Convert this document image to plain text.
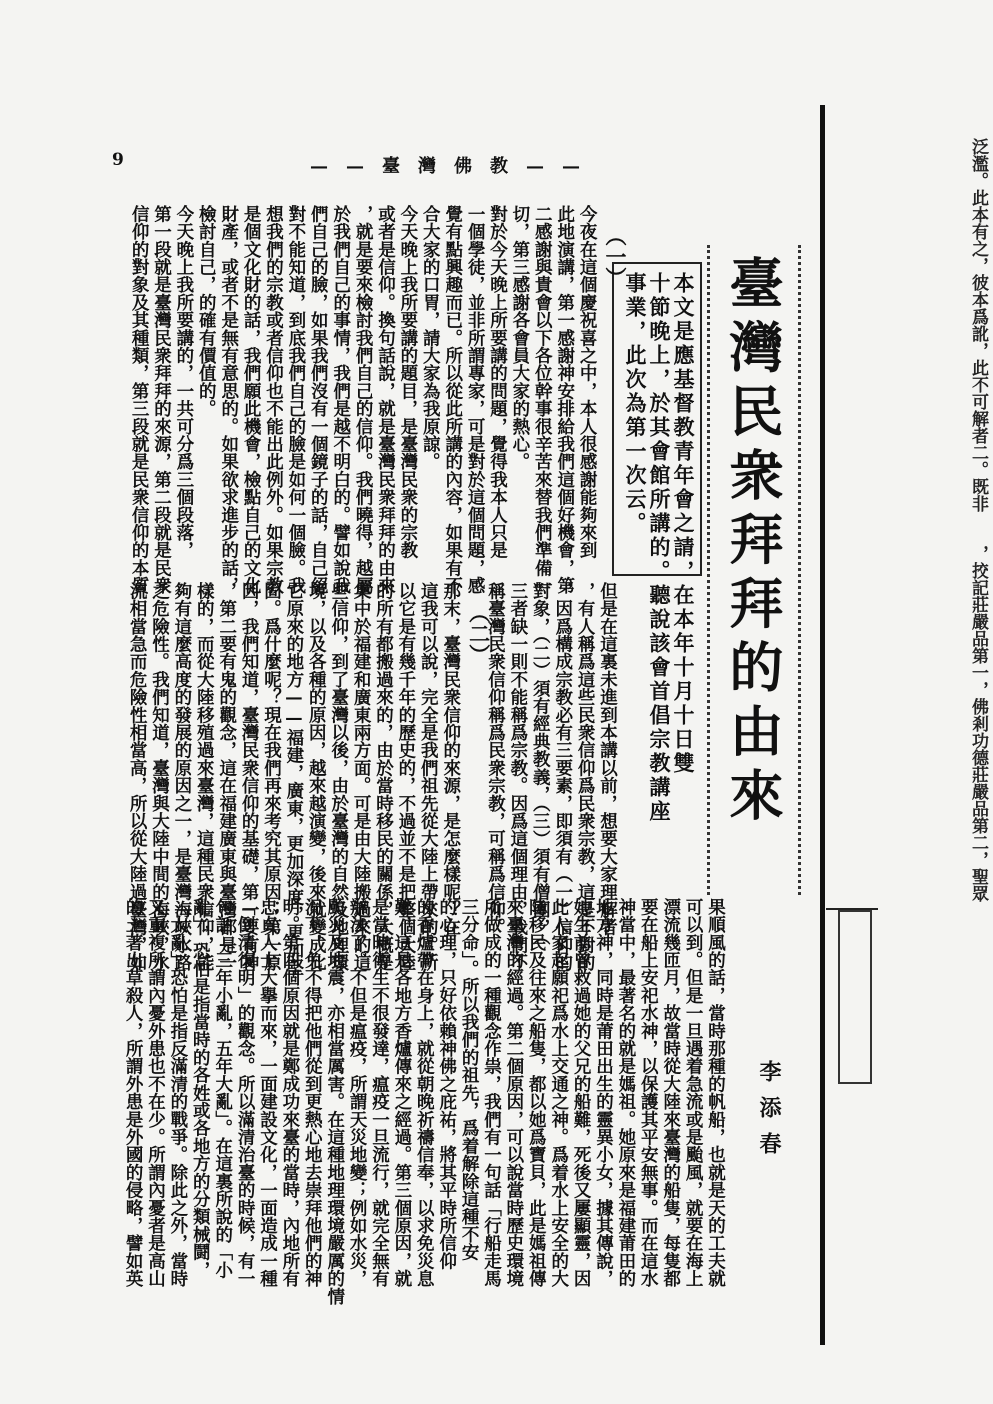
泛濫。此本有之，彼本爲訛，此不可解者二。既非
，挍記莊嚴品第一，佛剎功德莊嚴品第二，聖眾
9	——臺灣佛教——
臺灣民衆拜拜的由來
本文是應基督教青年會之請，在本年十月十日雙
十節晚上，於其會館所講的。聽說該會首倡宗教講座
事業，此次為第一次云。
李添春
（一）
今夜在這個慶祝喜之中，本人很感謝能夠來到
此地演講，第一感謝神安排給我們這個好機會，第
二感謝與貴會以下各位幹事很辛苦來替我們準備一
切，第三感謝各會員大家的熱心。
對於今天晚上所要講的問題，覺得我本人只是
一個學徒，並非所謂專家，可是對於這個問題，感
覺有點興趣而已。所以從此所講的內容，如果有不
合大家的口胃，請大家為我原諒。
今天晚上我所要講的題目，是臺灣民衆的宗教
或者是信仰。換句話說，就是臺灣民衆拜拜的由來
，就是要來檢討我們自己的信仰。我們曉得，越屬
於我們自己的事情，我們是越不明白的。譬如說我
們自己的臉，如果我們沒有一個鏡子的話，自己絕
對不能知道，到底我們自己的臉是如何一個臉。我
想我們的宗教或者信仰也不能出此例外。如果宗教
是個文化財的話，我們願此機會，檢點自己的文化
財產，或者不是無有意思的。如果欲求進步的話，
檢討自己，的確有價值的。
今天晚上我所要講的，一共可分爲三個段落，
第一段就是臺灣民衆拜拜的來源，第二段就是民衆
信仰的對象及其種類，第三段就是民衆信仰的本質
但是在這裏未進到本講以前，想要大家理解者
，有人稱爲這些民衆信仰爲民衆宗教，這是不對的
，因爲構成宗教必有三要素，即須有（一）信仰的
對象，（二）須有經典教義，（三）須有僧團，（
三者缺一則不能稱爲宗教。因爲這個理由，我們不
稱臺灣民衆信仰稱爲民衆宗教，可稱爲信仰。
（二）
那末，臺灣民衆信仰的來源，是怎麼樣呢？在
這我可以說，完全是我們祖先從大陸上帶來的。所
以它是有幾千年的歷史的，不過並不是把整個大陸
的所有都搬過來的，由於當時移民的關係，大概是
集中於福建和廣東兩方面。可是由大陸搬過來的這
些信仰，到了臺灣以後，由於臺灣的自然及地理環
境，以及各種的原因，越來越演變，後來就變成比
它原來的地方——福建，廣東，更加深度，更加堅
固。爲什麼呢？現在我們再來考究其原因；第一原
因，我們知道，臺灣民衆信仰的基礎，第一要有神
，第二要有鬼的觀念，這在福建廣東與臺灣都是一
樣的，而從大陸移殖過來臺灣，這種民衆信仰，能
夠有這麼高度的發展的原因之一，是臺灣海峽水路
之危險性。我們知道，臺灣與大陸中間的海峽，水
流相當急而危險性相當高，所以從大陸過臺灣，如
果順風的話，當時那種的帆船，也就是天的工夫就
可以到。但是一旦遇着急流或是颱風，就要在海上
漂流幾匝月，故當時從大陸來臺灣的船隻，每隻都
要在船上安祀水神，以保護其平安無事。而在這水
神當中，最著名的就是媽祖。她原來是福建莆田的
地方神，同時是莆田出生的靈異小女，據其傳說，
她生前曾救過她的父兄的船難，死後又屢顯靈，因
此人家起願祀爲水上交通之神。爲着水上安全的大
陸移民及往來之船隻，都以她爲寶貝，此是媽祖傳
來臺灣的經過。第二個原因，可以說當時歷史環境
所做成的一種觀念作祟，我們有一句話「行船走馬
三分命」。所以我們的祖先，爲着解除這種不安
的心理，只好依賴神佛之庇祐，將其平時所信仰
的香爐帶在身上，就從朝晚祈禱信奉，以求免災息
難，這是各地方香爐傳來之經過。第三個原因，就
是當時衛生不很發達，瘟疫一旦流行，就完全無有
辦法了。不但是瘟疫，所謂天災地變；例如水災，
颱災及地震，亦相當厲害。在這種地理環境嚴厲的情
況下，免不得把他們從到更熱心地去崇拜他們的神
明。第四個原因就是鄭成功來臺的當時，內地所有
忠貞人士大擧而來，一面建設文化，一面造成一種
「倒清復明」的觀念。所以滿清治臺的時候，有一
句話「三年小亂，五年大亂」。在這裏所說的「小
亂」，恐怕是指當時的各姓或各地方的分類械鬪，
「大亂」恐怕是指反滿清的戰爭。除此之外，當時
又重複所謂內憂外患也不在少。所謂內憂者是高山
的土著出草殺人，所謂外患是外國的侵略，譬如英
